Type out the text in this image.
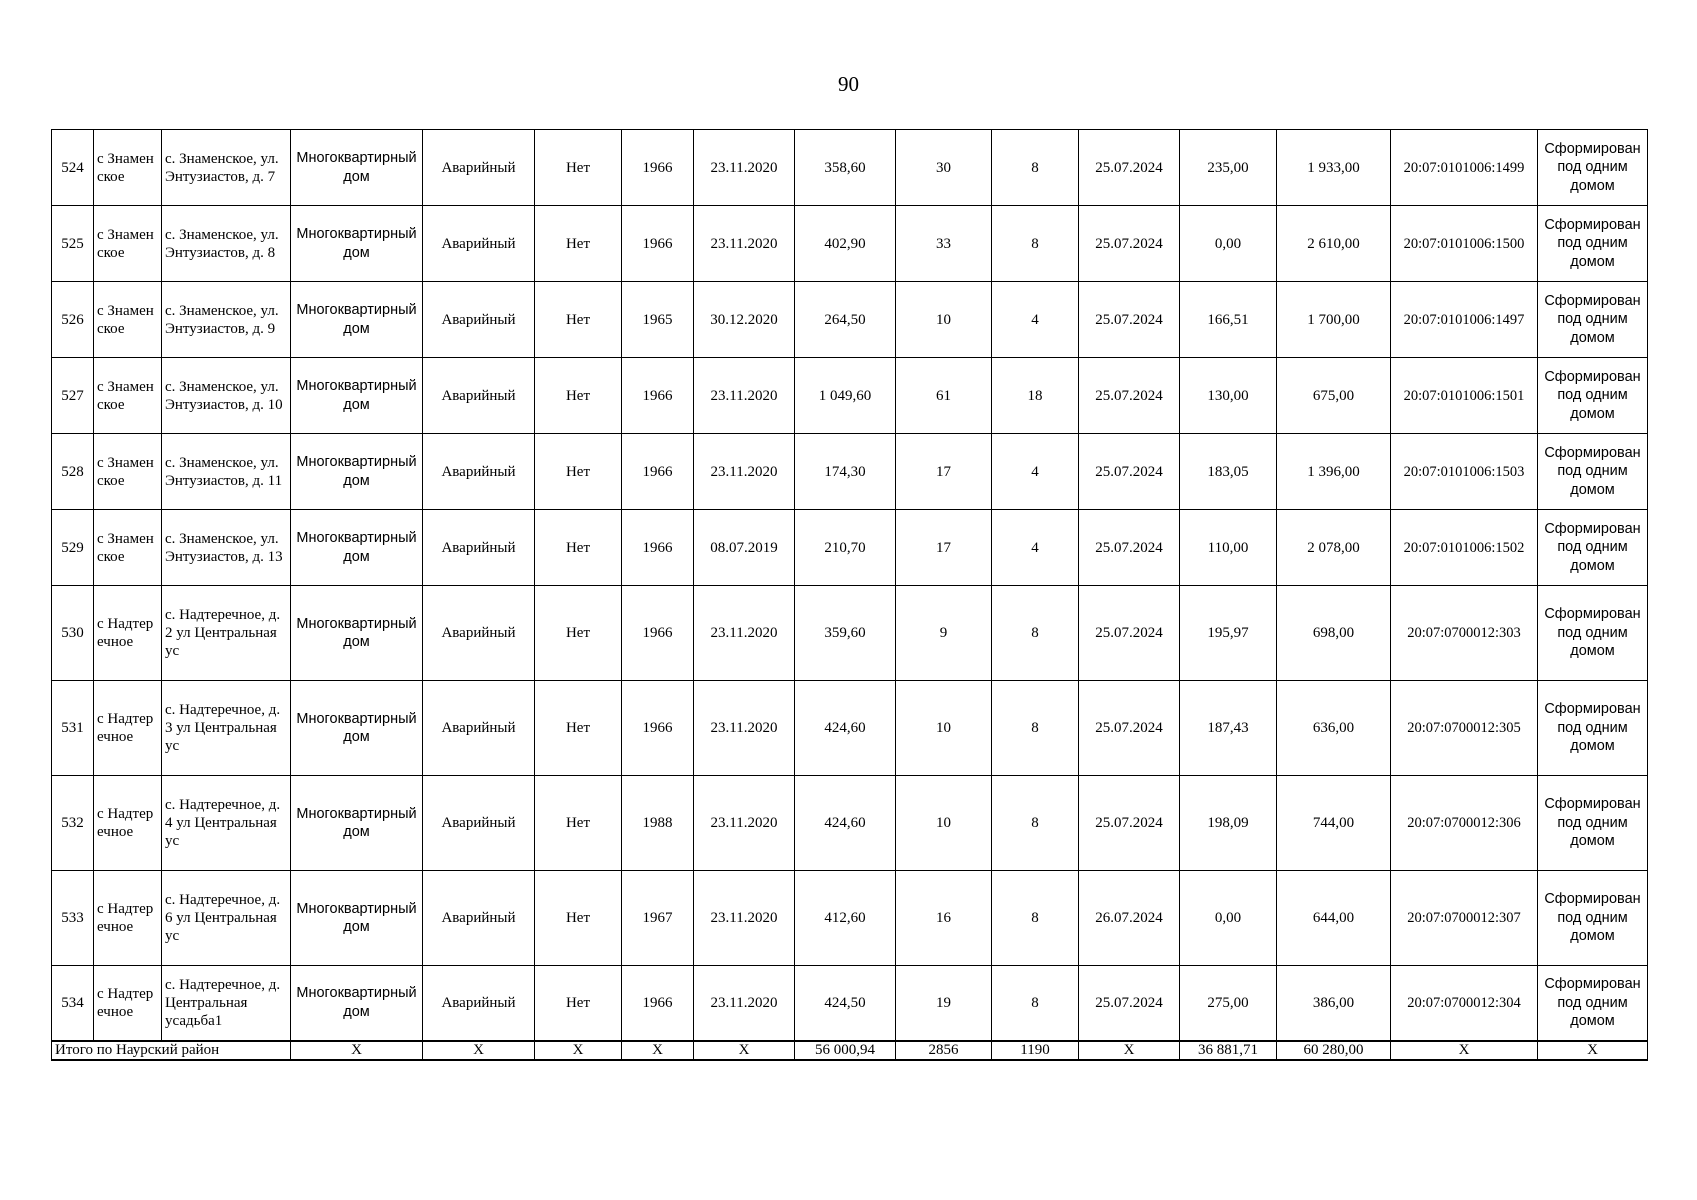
90
524	с Знаменское	с. Знаменское, ул. Энтузиастов, д. 7	Многоквартирный дом	Аварийный	Нет	1966	23.11.2020	358,60	30	8	25.07.2024	235,00	1 933,00	20:07:0101006:1499	Сформирован под одним домом
525	с Знаменское	с. Знаменское, ул. Энтузиастов, д. 8	Многоквартирный дом	Аварийный	Нет	1966	23.11.2020	402,90	33	8	25.07.2024	0,00	2 610,00	20:07:0101006:1500	Сформирован под одним домом
526	с Знаменское	с. Знаменское, ул. Энтузиастов, д. 9	Многоквартирный дом	Аварийный	Нет	1965	30.12.2020	264,50	10	4	25.07.2024	166,51	1 700,00	20:07:0101006:1497	Сформирован под одним домом
527	с Знаменское	с. Знаменское, ул. Энтузиастов, д. 10	Многоквартирный дом	Аварийный	Нет	1966	23.11.2020	1 049,60	61	18	25.07.2024	130,00	675,00	20:07:0101006:1501	Сформирован под одним домом
528	с Знаменское	с. Знаменское, ул. Энтузиастов, д. 11	Многоквартирный дом	Аварийный	Нет	1966	23.11.2020	174,30	17	4	25.07.2024	183,05	1 396,00	20:07:0101006:1503	Сформирован под одним домом
529	с Знаменское	с. Знаменское, ул. Энтузиастов, д. 13	Многоквартирный дом	Аварийный	Нет	1966	08.07.2019	210,70	17	4	25.07.2024	110,00	2 078,00	20:07:0101006:1502	Сформирован под одним домом
530	с Надтеречное	с. Надтеречное, д. 2 ул Центральная ус	Многоквартирный дом	Аварийный	Нет	1966	23.11.2020	359,60	9	8	25.07.2024	195,97	698,00	20:07:0700012:303	Сформирован под одним домом
531	с Надтеречное	с. Надтеречное, д. 3 ул Центральная ус	Многоквартирный дом	Аварийный	Нет	1966	23.11.2020	424,60	10	8	25.07.2024	187,43	636,00	20:07:0700012:305	Сформирован под одним домом
532	с Надтеречное	с. Надтеречное, д. 4 ул Центральная ус	Многоквартирный дом	Аварийный	Нет	1988	23.11.2020	424,60	10	8	25.07.2024	198,09	744,00	20:07:0700012:306	Сформирован под одним домом
533	с Надтеречное	с. Надтеречное, д. 6 ул Центральная ус	Многоквартирный дом	Аварийный	Нет	1967	23.11.2020	412,60	16	8	26.07.2024	0,00	644,00	20:07:0700012:307	Сформирован под одним домом
534	с Надтеречное	с. Надтеречное, д. Центральная усадьба1	Многоквартирный дом	Аварийный	Нет	1966	23.11.2020	424,50	19	8	25.07.2024	275,00	386,00	20:07:0700012:304	Сформирован под одним домом
Итого по Наурский район			X	X	X	X	X	56 000,94	2856	1190	X	36 881,71	60 280,00	X	X
